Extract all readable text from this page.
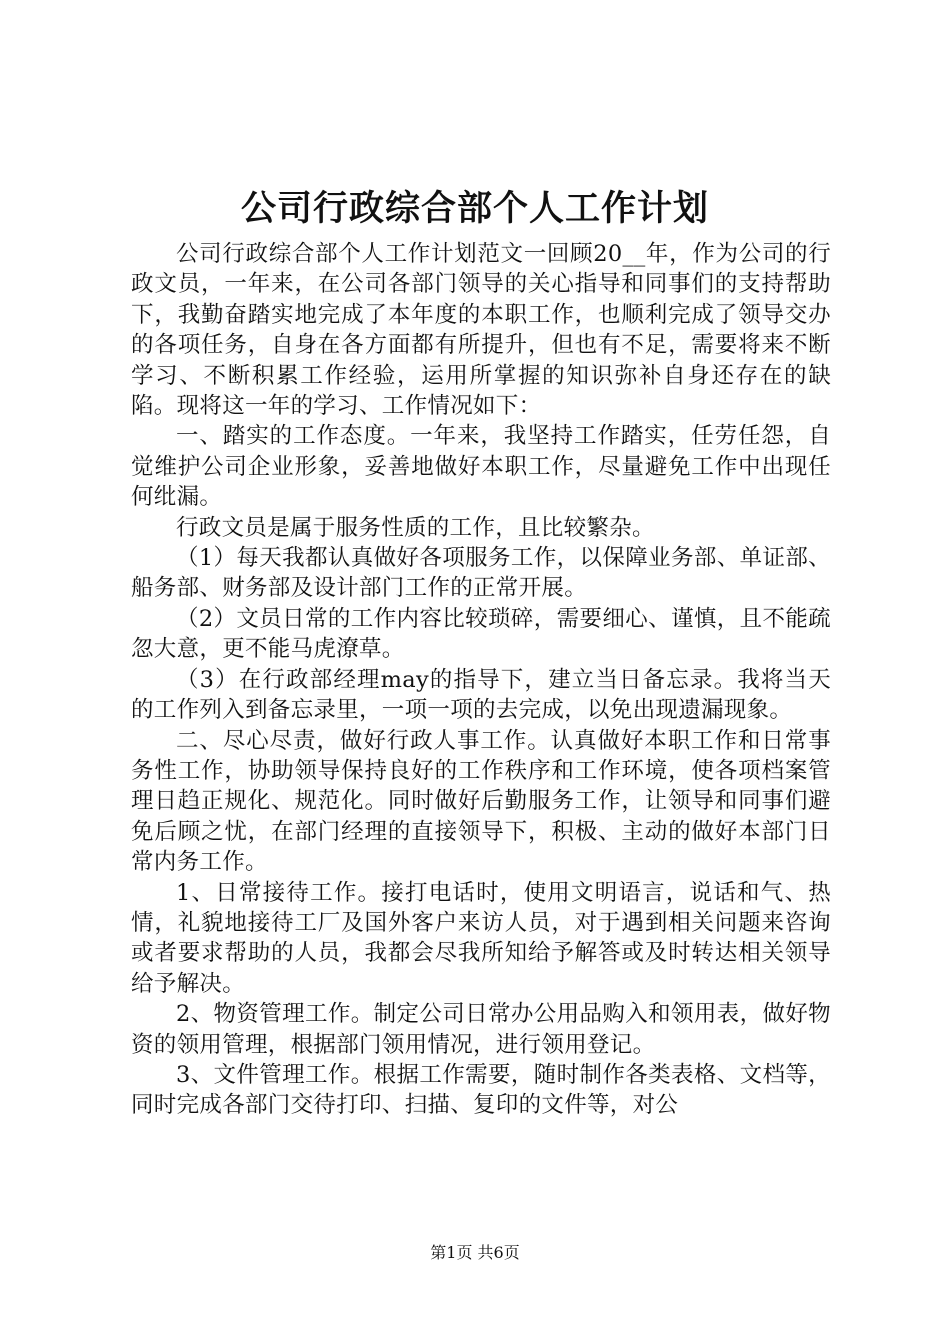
公司行政综合部个人工作计划

公司行政综合部个人工作计划范文一回顾20__年，作为公司的行政文员，一年来，在公司各部门领导的关心指导和同事们的支持帮助下，我勤奋踏实地完成了本年度的本职工作，也顺利完成了领导交办的各项任务，自身在各方面都有所提升，但也有不足，需要将来不断学习、不断积累工作经验，运用所掌握的知识弥补自身还存在的缺陷。现将这一年的学习、工作情况如下：

一、踏实的工作态度。一年来，我坚持工作踏实，任劳任怨，自觉维护公司企业形象，妥善地做好本职工作，尽量避免工作中出现任何纰漏。

行政文员是属于服务性质的工作，且比较繁杂。

（1）每天我都认真做好各项服务工作，以保障业务部、单证部、船务部、财务部及设计部门工作的正常开展。

（2）文员日常的工作内容比较琐碎，需要细心、谨慎，且不能疏忽大意，更不能马虎潦草。

（3）在行政部经理may的指导下，建立当日备忘录。我将当天的工作列入到备忘录里，一项一项的去完成，以免出现遗漏现象。

二、尽心尽责，做好行政人事工作。认真做好本职工作和日常事务性工作，协助领导保持良好的工作秩序和工作环境，使各项档案管理日趋正规化、规范化。同时做好后勤服务工作，让领导和同事们避免后顾之忧，在部门经理的直接领导下，积极、主动的做好本部门日常内务工作。

1、日常接待工作。接打电话时，使用文明语言，说话和气、热情，礼貌地接待工厂及国外客户来访人员，对于遇到相关问题来咨询或者要求帮助的人员，我都会尽我所知给予解答或及时转达相关领导给予解决。

2、物资管理工作。制定公司日常办公用品购入和领用表，做好物资的领用管理，根据部门领用情况，进行领用登记。

3、文件管理工作。根据工作需要，随时制作各类表格、文档等，同时完成各部门交待打印、扫描、复印的文件等，对公

第1页 共6页
